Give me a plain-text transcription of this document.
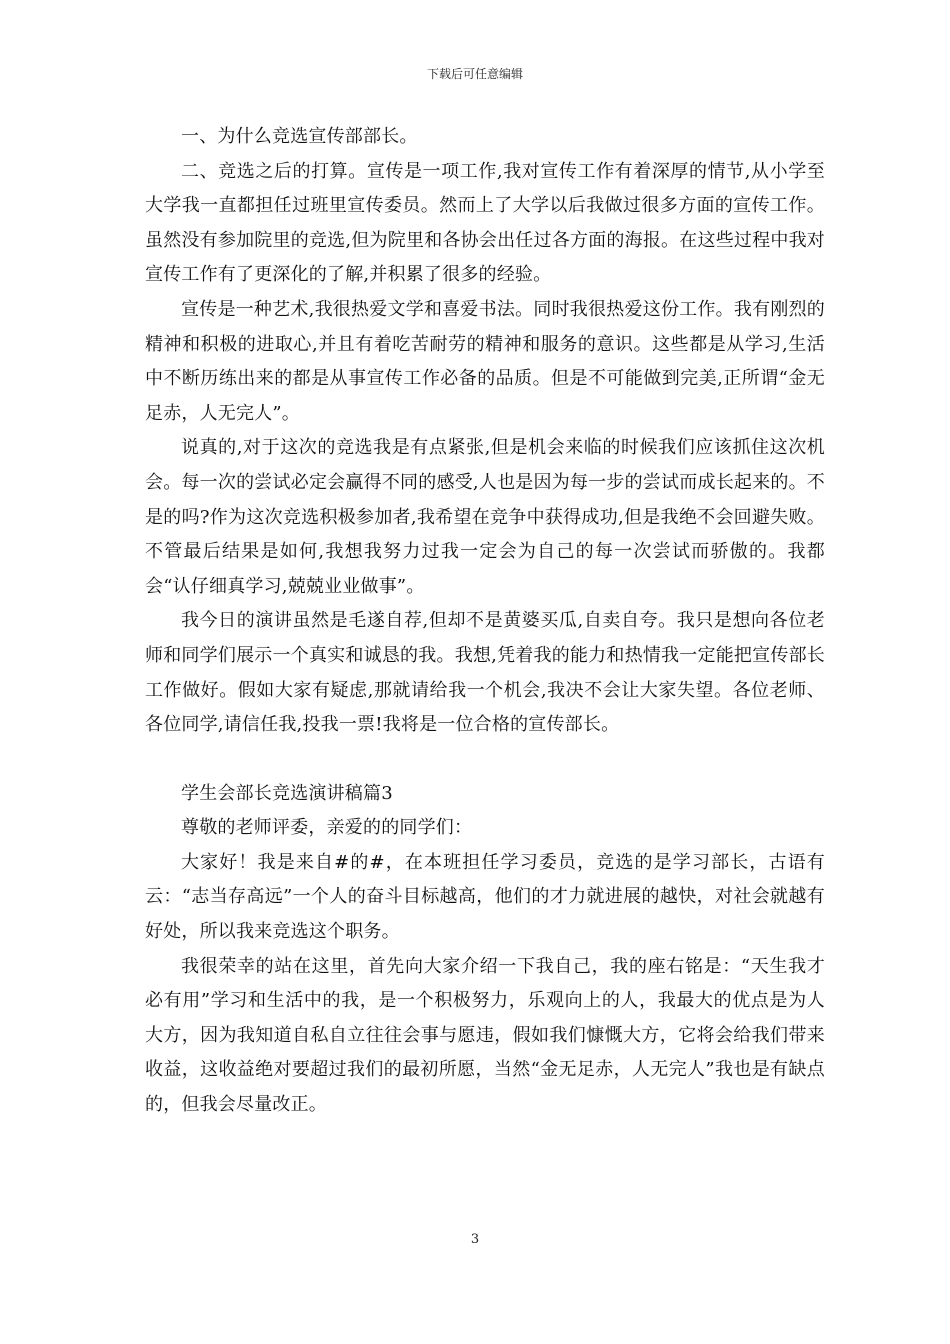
下载后可任意编辑

一、为什么竞选宣传部部长。

二、竞选之后的打算。宣传是一项工作,我对宣传工作有着深厚的情节,从小学至大学我一直都担任过班里宣传委员。然而上了大学以后我做过很多方面的宣传工作。虽然没有参加院里的竞选,但为院里和各协会出任过各方面的海报。在这些过程中我对宣传工作有了更深化的了解,并积累了很多的经验。

宣传是一种艺术,我很热爱文学和喜爱书法。同时我很热爱这份工作。我有刚烈的精神和积极的进取心,并且有着吃苦耐劳的精神和服务的意识。这些都是从学习,生活中不断历练出来的都是从事宣传工作必备的品质。但是不可能做到完美,正所谓“金无足赤，人无完人”。

说真的,对于这次的竞选我是有点紧张,但是机会来临的时候我们应该抓住这次机会。每一次的尝试必定会赢得不同的感受,人也是因为每一步的尝试而成长起来的。不是的吗?作为这次竞选积极参加者,我希望在竞争中获得成功,但是我绝不会回避失败。不管最后结果是如何,我想我努力过我一定会为自己的每一次尝试而骄傲的。我都会“认仔细真学习,兢兢业业做事”。

我今日的演讲虽然是毛遂自荐,但却不是黄婆买瓜,自卖自夸。我只是想向各位老师和同学们展示一个真实和诚恳的我。我想,凭着我的能力和热情我一定能把宣传部长工作做好。假如大家有疑虑,那就请给我一个机会,我决不会让大家失望。各位老师、各位同学,请信任我,投我一票!我将是一位合格的宣传部长。

学生会部长竞选演讲稿篇3

尊敬的老师评委，亲爱的的同学们：

大家好！我是来自#的#，在本班担任学习委员，竞选的是学习部长，古语有云：“志当存高远”一个人的奋斗目标越高，他们的才力就进展的越快，对社会就越有好处，所以我来竞选这个职务。

我很荣幸的站在这里，首先向大家介绍一下我自己，我的座右铭是：“天生我才必有用”学习和生活中的我，是一个积极努力，乐观向上的人，我最大的优点是为人大方，因为我知道自私自立往往会事与愿违，假如我们慷慨大方，它将会给我们带来收益，这收益绝对要超过我们的最初所愿，当然“金无足赤，人无完人”我也是有缺点的，但我会尽量改正。

3
